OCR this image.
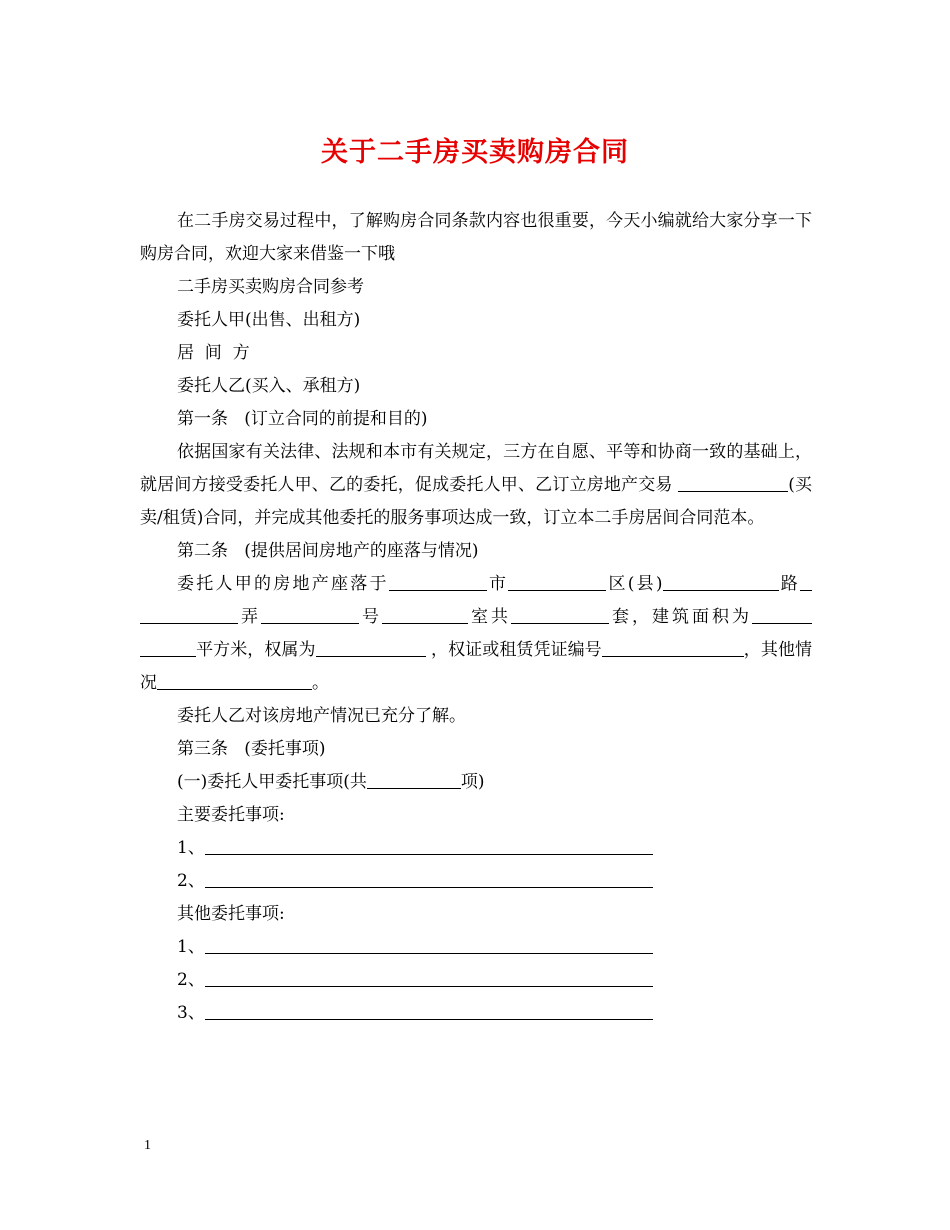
关于二手房买卖购房合同

在二手房交易过程中，了解购房合同条款内容也很重要，今天小编就给大家分享一下购房合同，欢迎大家来借鉴一下哦

二手房买卖购房合同参考

委托人甲(出售、出租方)

居  间  方

委托人乙(买入、承租方)

第一条   (订立合同的前提和目的)

依据国家有关法律、法规和本市有关规定，三方在自愿、平等和协商一致的基础上，就居间方接受委托人甲、乙的委托，促成委托人甲、乙订立房地产交易	(买卖/租赁)合同，并完成其他委托的服务事项达成一致，订立本二手房居间合同范本。

第二条   (提供居间房地产的座落与情况)

委托人甲的房地产座落于	市	区(县)	路弄	号	室共	套，建筑面积为平方米，权属为	，权证或租赁凭证编号	，其他情况	。

委托人乙对该房地产情况已充分了解。

第三条   (委托事项)

(一)委托人甲委托事项(共	项)

主要委托事项:

1、

2、

其他委托事项:

1、

2、

3、

1
